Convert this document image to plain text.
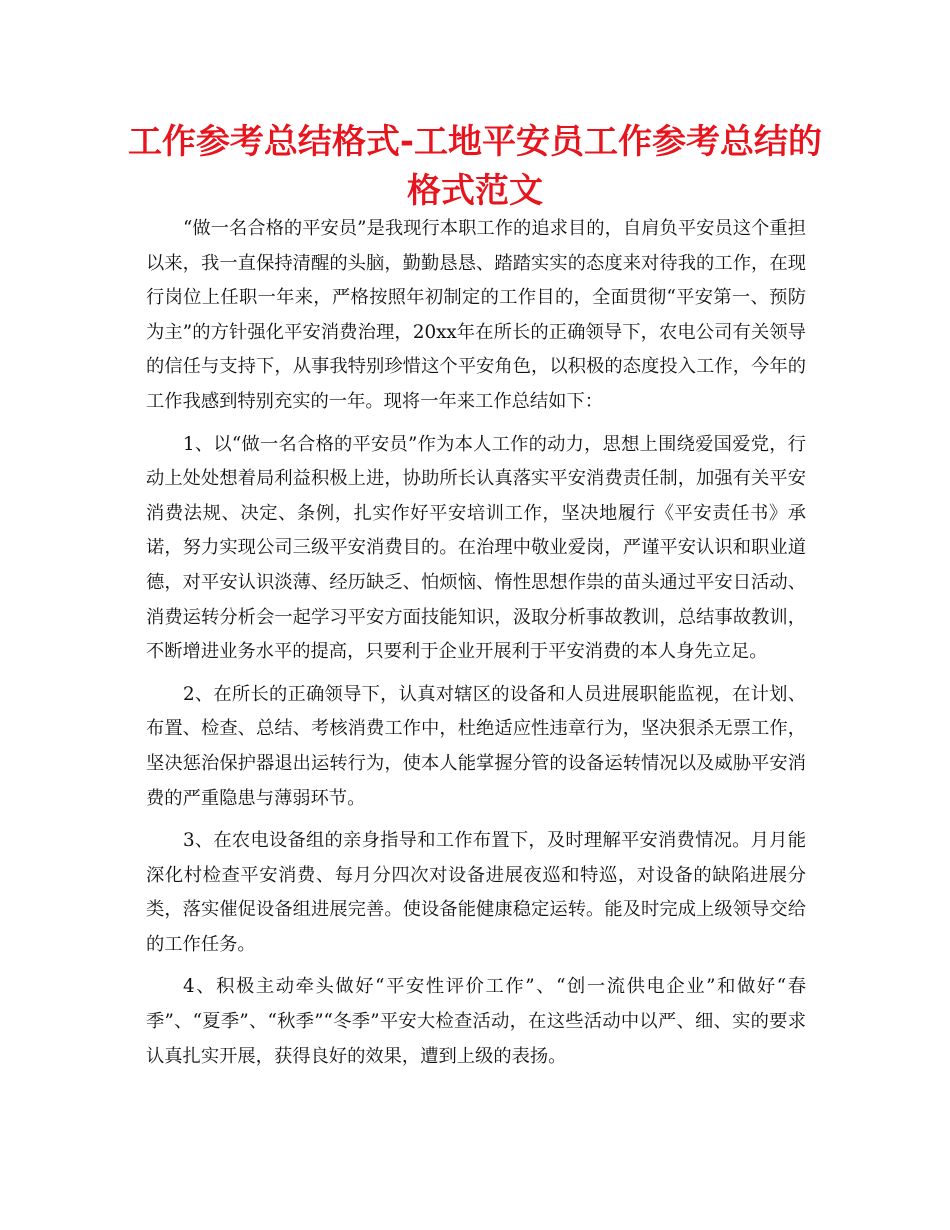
工作参考总结格式-工地平安员工作参考总结的
格式范文

“做一名合格的平安员”是我现行本职工作的追求目的，自肩负平安员这个重担以来，我一直保持清醒的头脑，勤勤恳恳、踏踏实实的态度来对待我的工作，在现行岗位上任职一年来，严格按照年初制定的工作目的，全面贯彻“平安第一、预防为主”的方针强化平安消费治理，20xx年在所长的正确领导下，农电公司有关领导的信任与支持下，从事我特别珍惜这个平安角色，以积极的态度投入工作，今年的工作我感到特别充实的一年。现将一年来工作总结如下：

1、以“做一名合格的平安员”作为本人工作的动力，思想上围绕爱国爱党，行动上处处想着局利益积极上进，协助所长认真落实平安消费责任制，加强有关平安消费法规、决定、条例，扎实作好平安培训工作，坚决地履行《平安责任书》承诺，努力实现公司三级平安消费目的。在治理中敬业爱岗，严谨平安认识和职业道德，对平安认识淡薄、经历缺乏、怕烦恼、惰性思想作祟的苗头通过平安日活动、消费运转分析会一起学习平安方面技能知识，汲取分析事故教训，总结事故教训，不断增进业务水平的提高，只要利于企业开展利于平安消费的本人身先立足。

2、在所长的正确领导下，认真对辖区的设备和人员进展职能监视，在计划、布置、检查、总结、考核消费工作中，杜绝适应性违章行为，坚决狠杀无票工作，坚决惩治保护器退出运转行为，使本人能掌握分管的设备运转情况以及威胁平安消费的严重隐患与薄弱环节。

3、在农电设备组的亲身指导和工作布置下，及时理解平安消费情况。月月能深化村检查平安消费、每月分四次对设备进展夜巡和特巡，对设备的缺陷进展分类，落实催促设备组进展完善。使设备能健康稳定运转。能及时完成上级领导交给的工作任务。

4、积极主动牵头做好“平安性评价工作”、“创一流供电企业”和做好“春季”、“夏季”、“秋季”“冬季”平安大检查活动，在这些活动中以严、细、实的要求认真扎实开展，获得良好的效果，遭到上级的表扬。
